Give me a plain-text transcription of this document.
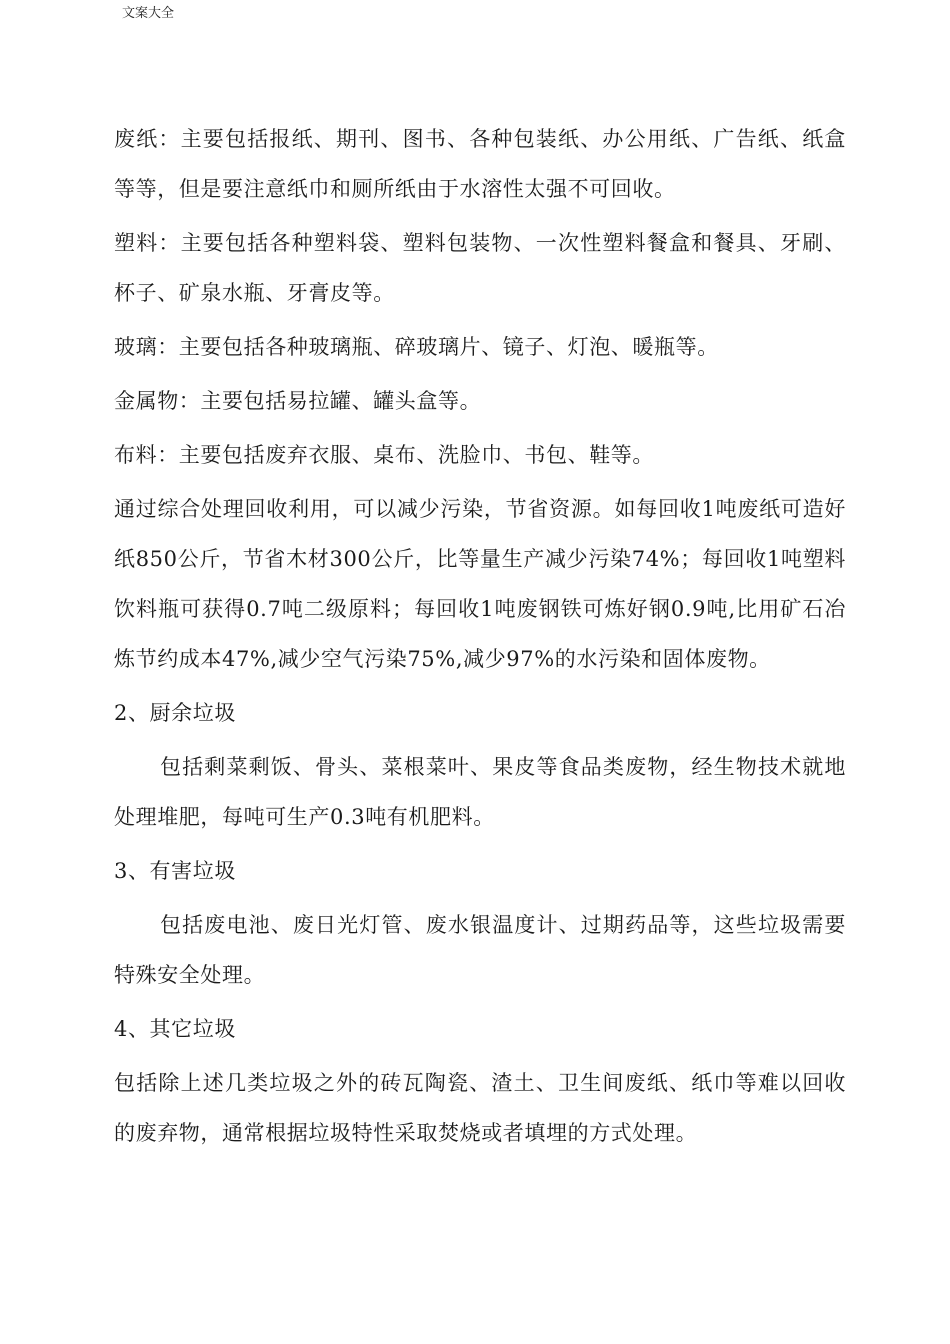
文案大全

废纸：主要包括报纸、期刊、图书、各种包装纸、办公用纸、广告纸、纸盒等等，但是要注意纸巾和厕所纸由于水溶性太强不可回收。

塑料：主要包括各种塑料袋、塑料包装物、一次性塑料餐盒和餐具、牙刷、杯子、矿泉水瓶、牙膏皮等。

玻璃：主要包括各种玻璃瓶、碎玻璃片、镜子、灯泡、暖瓶等。

金属物：主要包括易拉罐、罐头盒等。

布料：主要包括废弃衣服、桌布、洗脸巾、书包、鞋等。

通过综合处理回收利用，可以减少污染，节省资源。如每回收1吨废纸可造好纸850公斤，节省木材300公斤，比等量生产减少污染74%；每回收1吨塑料饮料瓶可获得0.7吨二级原料；每回收1吨废钢铁可炼好钢0.9吨,比用矿石冶炼节约成本47%,减少空气污染75%,减少97%的水污染和固体废物。

2、厨余垃圾

包括剩菜剩饭、骨头、菜根菜叶、果皮等食品类废物，经生物技术就地处理堆肥，每吨可生产0.3吨有机肥料。

3、有害垃圾

包括废电池、废日光灯管、废水银温度计、过期药品等，这些垃圾需要特殊安全处理。

4、其它垃圾

包括除上述几类垃圾之外的砖瓦陶瓷、渣土、卫生间废纸、纸巾等难以回收的废弃物，通常根据垃圾特性采取焚烧或者填埋的方式处理。
